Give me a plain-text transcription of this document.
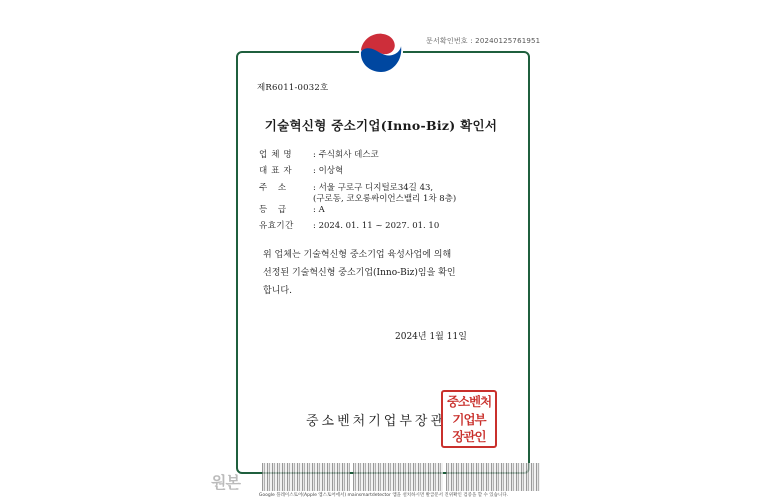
문서확인번호 : 20240125761951
제R6011-0032호
기술혁신형 중소기업(Inno-Biz) 확인서
업체명 : 주식회사 데스코
대표자 : 이상혁
주 소	: 서울 구로구 디지털로34길 43,
(구로동, 코오롱싸이언스밸리 1차 8층)
등 급	: A
유효기간 : 2024. 01. 11 ~ 2027. 01. 10
위 업체는 기술혁신형 중소기업 육성사업에 의해
선정된 기술혁신형 중소기업(Inno-Biz)임을 확인
합니다.
2024년 1월 11일
중소벤처기업부장관
중소벤처
기업부
장관인
원본
Google 플레이스토어(Apple 앱스토어에서) mainsmartdetector 앱을 설치하시면 발급문서 진위확인 검증을 할 수 있습니다.
